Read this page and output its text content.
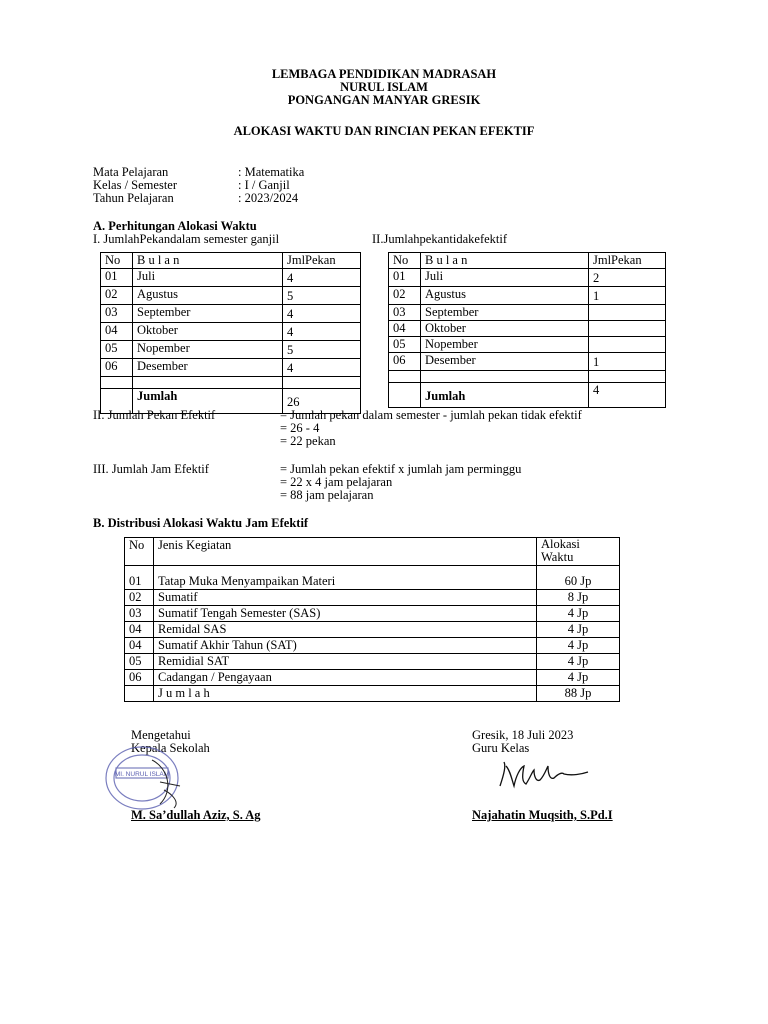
LEMBAGA PENDIDIKAN MADRASAH
NURUL ISLAM
PONGANGAN MANYAR GRESIK
ALOKASI WAKTU DAN RINCIAN PEKAN EFEKTIF
Mata Pelajaran	: Matematika
Kelas / Semester	: I / Ganjil
Tahun Pelajaran	: 2023/2024
A. Perhitungan Alokasi Waktu
I. JumlahPekandalam semester ganjil	II.Jumlahpekantidakefektif
No	B u l a n	JmlPekan
01	Juli	4
02	Agustus	5
03	September	4
04	Oktober	4
05	Nopember	5
06	Desember	4

	Jumlah	26
No	B u l a n	JmlPekan
01	Juli	2
02	Agustus	1
03	September	
04	Oktober	
05	Nopember	
06	Desember	1

	Jumlah	4
II. Jumlah Pekan Efektif	= Jumlah pekan dalam semester - jumlah pekan tidak efektif
= 26 - 4
= 22 pekan
III. Jumlah Jam Efektif	= Jumlah pekan efektif x jumlah jam perminggu
= 22 x 4 jam pelajaran
= 88 jam pelajaran
B. Distribusi Alokasi Waktu Jam Efektif
No	Jenis Kegiatan	Alokasi
Waktu

01	Tatap Muka Menyampaikan Materi	60 Jp
02	Sumatif	8 Jp
03	Sumatif Tengah Semester (SAS)	4 Jp
04	Remidal SAS	4 Jp
04	Sumatif Akhir Tahun (SAT)	4 Jp
05	Remidial SAT	4 Jp
06	Cadangan / Pengayaan	4 Jp
	J u m l a h	88 Jp
Mengetahui
Kepala Sekolah
MI. NURUL ISLAM
M. Sa’dullah Aziz, S. Ag
Gresik, 18 Juli 2023
Guru Kelas
Najahatin Muqsith, S.Pd.I
